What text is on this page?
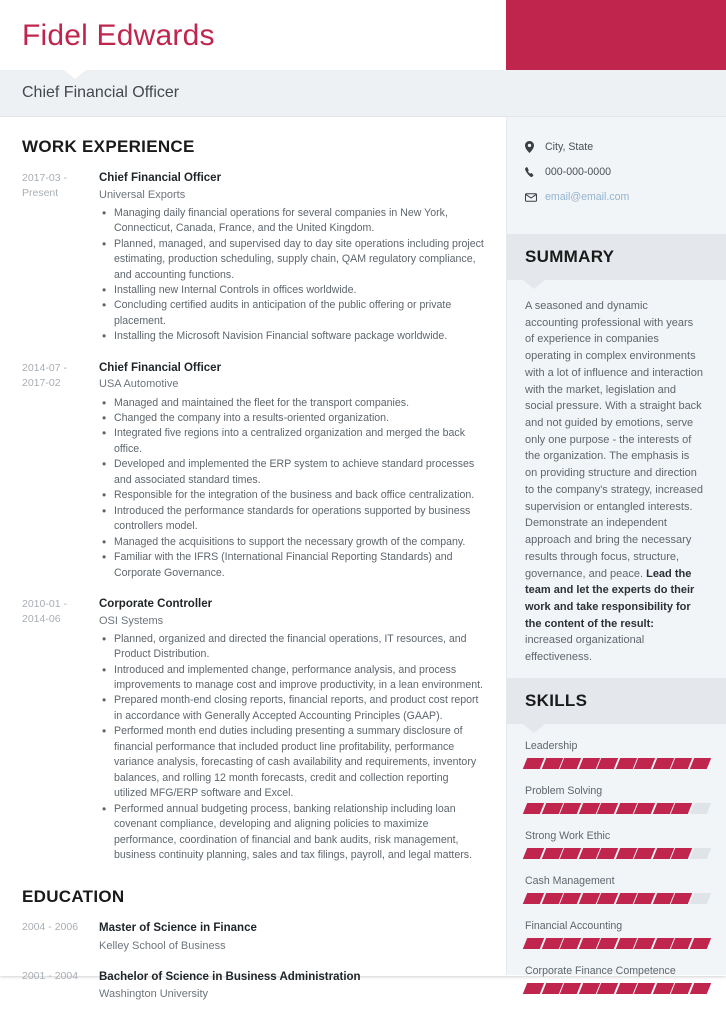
Fidel Edwards
Chief Financial Officer
WORK EXPERIENCE
2017-03 - Present
Chief Financial Officer
Universal Exports
• Managing daily financial operations for several companies in New York, Connecticut, Canada, France, and the United Kingdom.
• Planned, managed, and supervised day to day site operations including project estimating, production scheduling, supply chain, QAM regulatory compliance, and accounting functions.
• Installing new Internal Controls in offices worldwide.
• Concluding certified audits in anticipation of the public offering or private placement.
• Installing the Microsoft Navision Financial software package worldwide.
2014-07 - 2017-02
Chief Financial Officer
USA Automotive
• Managed and maintained the fleet for the transport companies.
• Changed the company into a results-oriented organization.
• Integrated five regions into a centralized organization and merged the back office.
• Developed and implemented the ERP system to achieve standard processes and associated standard times.
• Responsible for the integration of the business and back office centralization.
• Introduced the performance standards for operations supported by business controllers model.
• Managed the acquisitions to support the necessary growth of the company.
• Familiar with the IFRS (International Financial Reporting Standards) and Corporate Governance.
2010-01 - 2014-06
Corporate Controller
OSI Systems
• Planned, organized and directed the financial operations, IT resources, and Product Distribution.
• Introduced and implemented change, performance analysis, and process improvements to manage cost and improve productivity, in a lean environment.
• Prepared month-end closing reports, financial reports, and product cost report in accordance with Generally Accepted Accounting Principles (GAAP).
• Performed month end duties including presenting a summary disclosure of financial performance that included product line profitability, performance variance analysis, forecasting of cash availability and requirements, inventory balances, and rolling 12 month forecasts, credit and collection reporting utilized MFG/ERP software and Excel.
• Performed annual budgeting process, banking relationship including loan covenant compliance, developing and aligning policies to maximize performance, coordination of financial and bank audits, risk management, business continuity planning, sales and tax filings, payroll, and legal matters.
EDUCATION
2004 - 2006	Master of Science in Finance
Kelley School of Business
2001 - 2004	Bachelor of Science in Business Administration
Washington University
City, State
000-000-0000
email@email.com
SUMMARY

A seasoned and dynamic accounting professional with years of experience in companies operating in complex environments with a lot of influence and interaction with the market, legislation and social pressure. With a straight back and not guided by emotions, serve only one purpose - the interests of the organization. The emphasis is on providing structure and direction to the company's strategy, increased supervision or entangled interests. Demonstrate an independent approach and bring the necessary results through focus, structure, governance, and peace. Lead the team and let the experts do their work and take responsibility for the content of the result: increased organizational effectiveness.

SKILLS
Leadership
Problem Solving
Strong Work Ethic
Cash Management
Financial Accounting
Corporate Finance Competence
